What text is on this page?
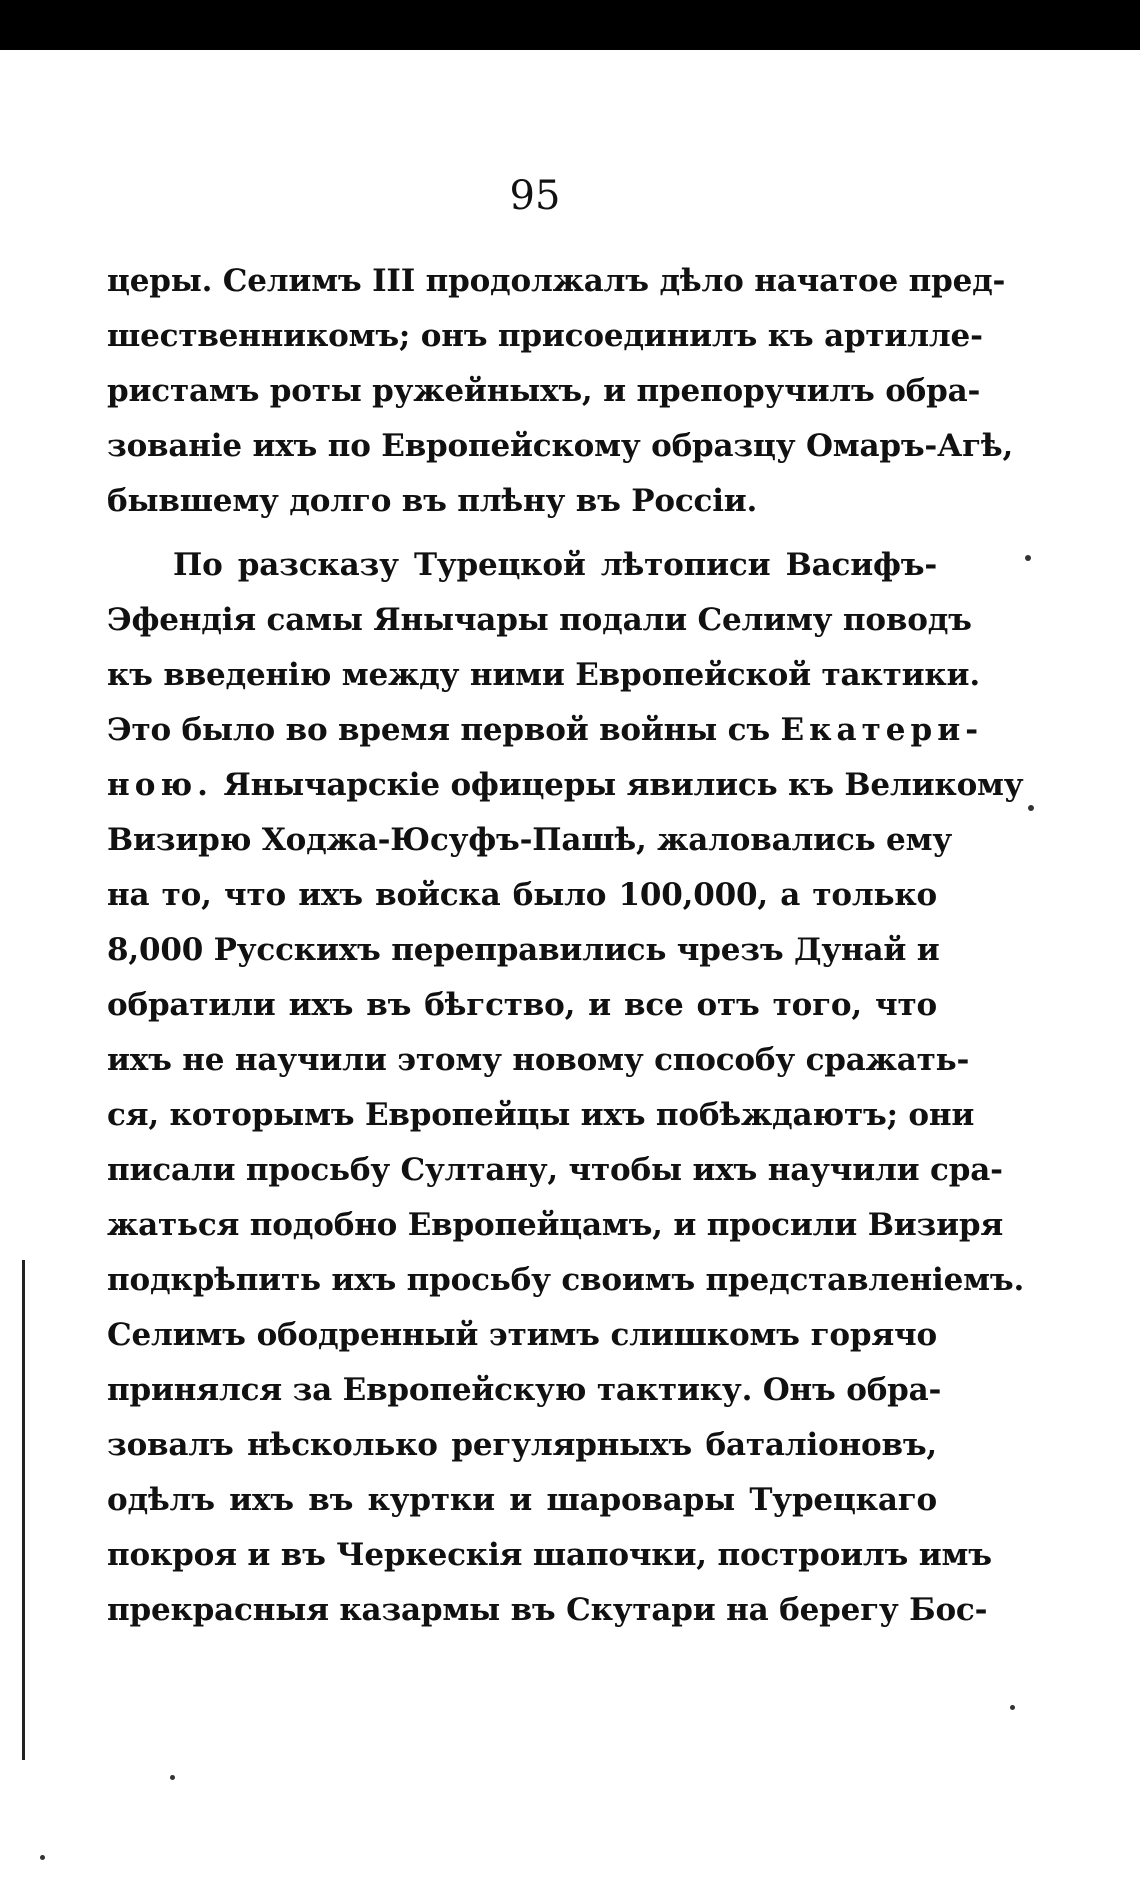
95
церы. Селимъ III продолжалъ дѣло начатое пред-
шественникомъ; онъ присоединилъ къ артилле-
ристамъ роты ружейныхъ, и препоручилъ обра-
зованіе ихъ по Европейскому образцу Омаръ-Агѣ,
бывшему долго въ плѣну въ Россіи.
По разсказу Турецкой лѣтописи Васифъ-
Эфендія самы Янычары подали Селиму поводъ
къ введенію между ними Европейской тактики.
Это было во время первой войны съ Екатери-
ною. Янычарскіе офицеры явились къ Великому
Визирю Ходжа-Юсуфъ-Пашѣ, жаловались ему
на то, что ихъ войска было 100,000, а только
8,000 Русскихъ переправились чрезъ Дунай и
обратили ихъ въ бѣгство, и все отъ того, что
ихъ не научили этому новому способу сражать-
ся, которымъ Европейцы ихъ побѣждаютъ; они
писали просьбу Султану, чтобы ихъ научили сра-
жаться подобно Европейцамъ, и просили Визиря
подкрѣпить ихъ просьбу своимъ представленіемъ.
Селимъ ободренный этимъ слишкомъ горячо
принялся за Европейскую тактику. Онъ обра-
зовалъ нѣсколько регулярныхъ баталіоновъ,
одѣлъ ихъ въ куртки и шаровары Турецкаго
покроя и въ Черкескія шапочки, построилъ имъ
прекрасныя казармы въ Скутари на берегу Бос-
